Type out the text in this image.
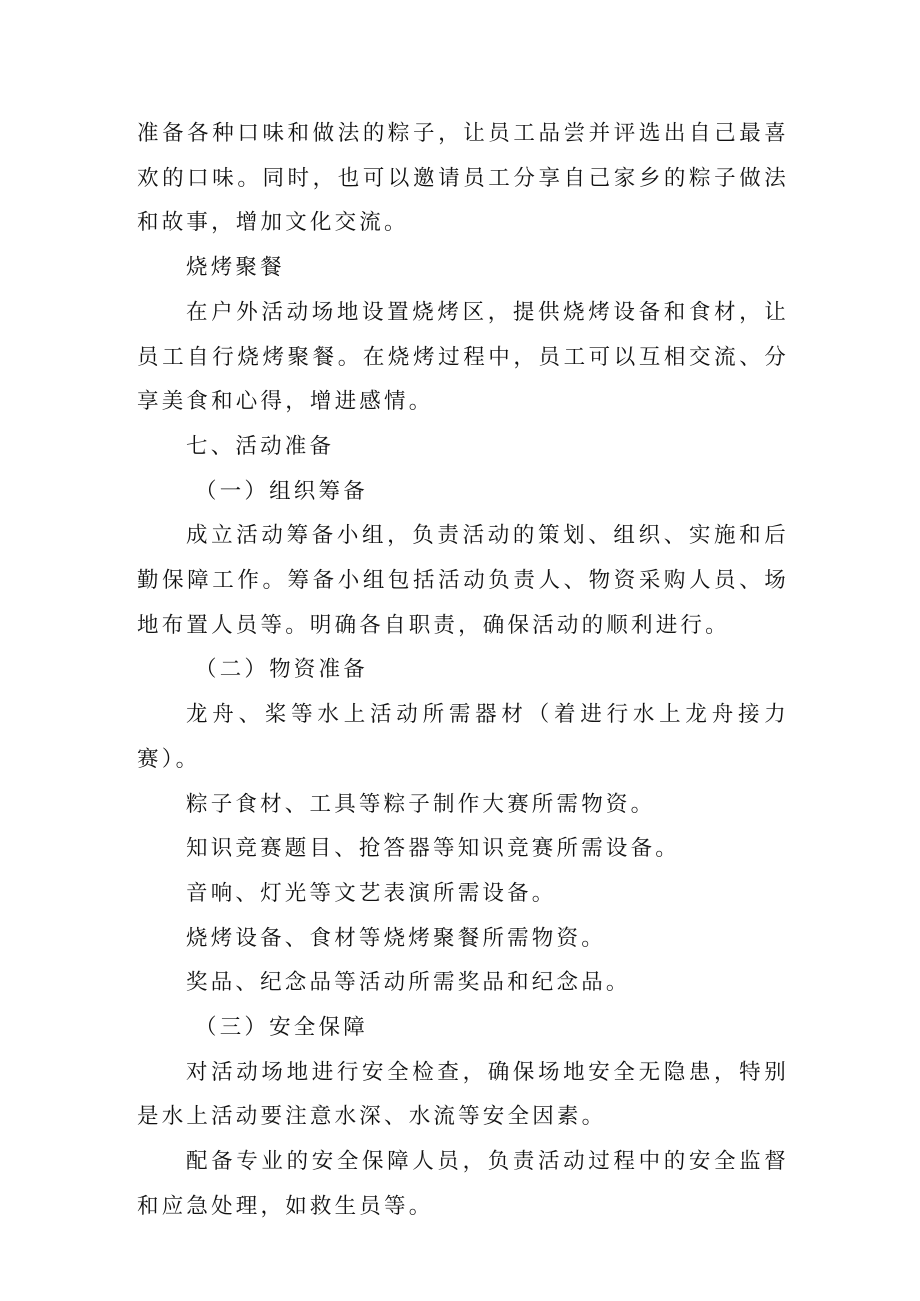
准备各种口味和做法的粽子，让员工品尝并评选出自己最喜欢的口味。同时，也可以邀请员工分享自己家乡的粽子做法和故事，增加文化交流。

烧烤聚餐

在户外活动场地设置烧烤区，提供烧烤设备和食材，让员工自行烧烤聚餐。在烧烤过程中，员工可以互相交流、分享美食和心得，增进感情。

七、活动准备

（一）组织筹备

成立活动筹备小组，负责活动的策划、组织、实施和后勤保障工作。筹备小组包括活动负责人、物资采购人员、场地布置人员等。明确各自职责，确保活动的顺利进行。

（二）物资准备

龙舟、桨等水上活动所需器材（着进行水上龙舟接力赛）。

粽子食材、工具等粽子制作大赛所需物资。

知识竞赛题目、抢答器等知识竞赛所需设备。

音响、灯光等文艺表演所需设备。

烧烤设备、食材等烧烤聚餐所需物资。

奖品、纪念品等活动所需奖品和纪念品。

（三）安全保障

对活动场地进行安全检查，确保场地安全无隐患，特别是水上活动要注意水深、水流等安全因素。

配备专业的安全保障人员，负责活动过程中的安全监督和应急处理，如救生员等。
